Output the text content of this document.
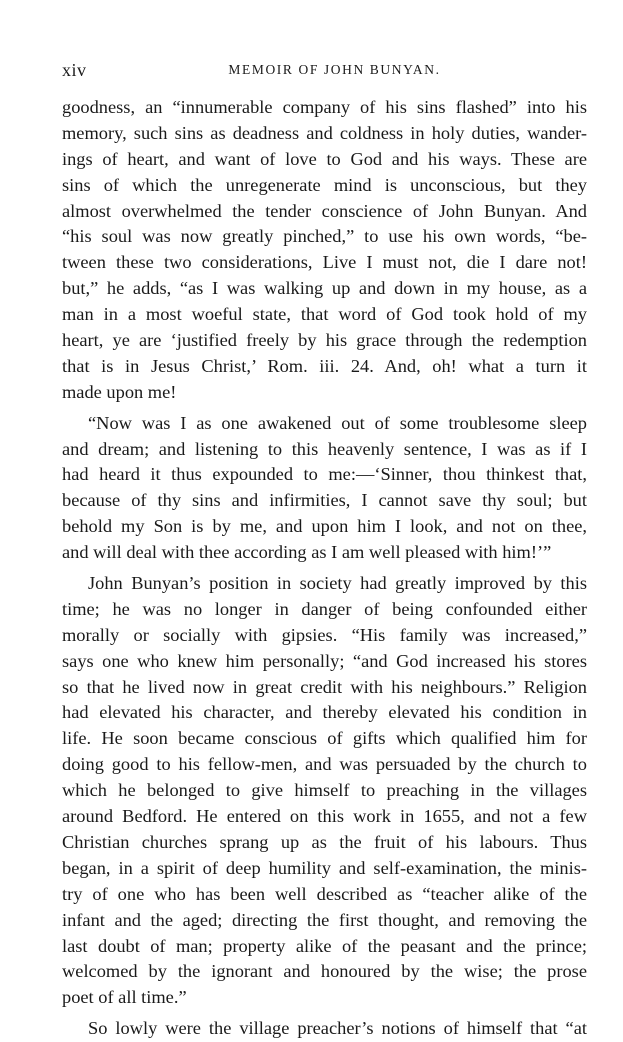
xiv	MEMOIR OF JOHN BUNYAN.
goodness, an “innumerable company of his sins flashed” into his
memory, such sins as deadness and coldness in holy duties, wander-
ings of heart, and want of love to God and his ways. These are
sins of which the unregenerate mind is unconscious, but they
almost overwhelmed the tender conscience of John Bunyan. And
“his soul was now greatly pinched,” to use his own words, “be-
tween these two considerations, Live I must not, die I dare not!
but,” he adds, “as I was walking up and down in my house, as a
man in a most woeful state, that word of God took hold of my
heart, ye are ‘justified freely by his grace through the redemption
that is in Jesus Christ,’ Rom. iii. 24. And, oh! what a turn it
made upon me!
“Now was I as one awakened out of some troublesome sleep
and dream; and listening to this heavenly sentence, I was as if I
had heard it thus expounded to me:—‘Sinner, thou thinkest that,
because of thy sins and infirmities, I cannot save thy soul; but
behold my Son is by me, and upon him I look, and not on thee,
and will deal with thee according as I am well pleased with him!’”
John Bunyan’s position in society had greatly improved by this
time; he was no longer in danger of being confounded either
morally or socially with gipsies. “His family was increased,”
says one who knew him personally; “and God increased his stores
so that he lived now in great credit with his neighbours.” Religion
had elevated his character, and thereby elevated his condition in
life. He soon became conscious of gifts which qualified him for
doing good to his fellow-men, and was persuaded by the church to
which he belonged to give himself to preaching in the villages
around Bedford. He entered on this work in 1655, and not a few
Christian churches sprang up as the fruit of his labours. Thus
began, in a spirit of deep humility and self-examination, the minis-
try of one who has been well described as “teacher alike of the
infant and the aged; directing the first thought, and removing the
last doubt of man; property alike of the peasant and the prince;
welcomed by the ignorant and honoured by the wise; the prose
poet of all time.”
So lowly were the village preacher’s notions of himself that “at
